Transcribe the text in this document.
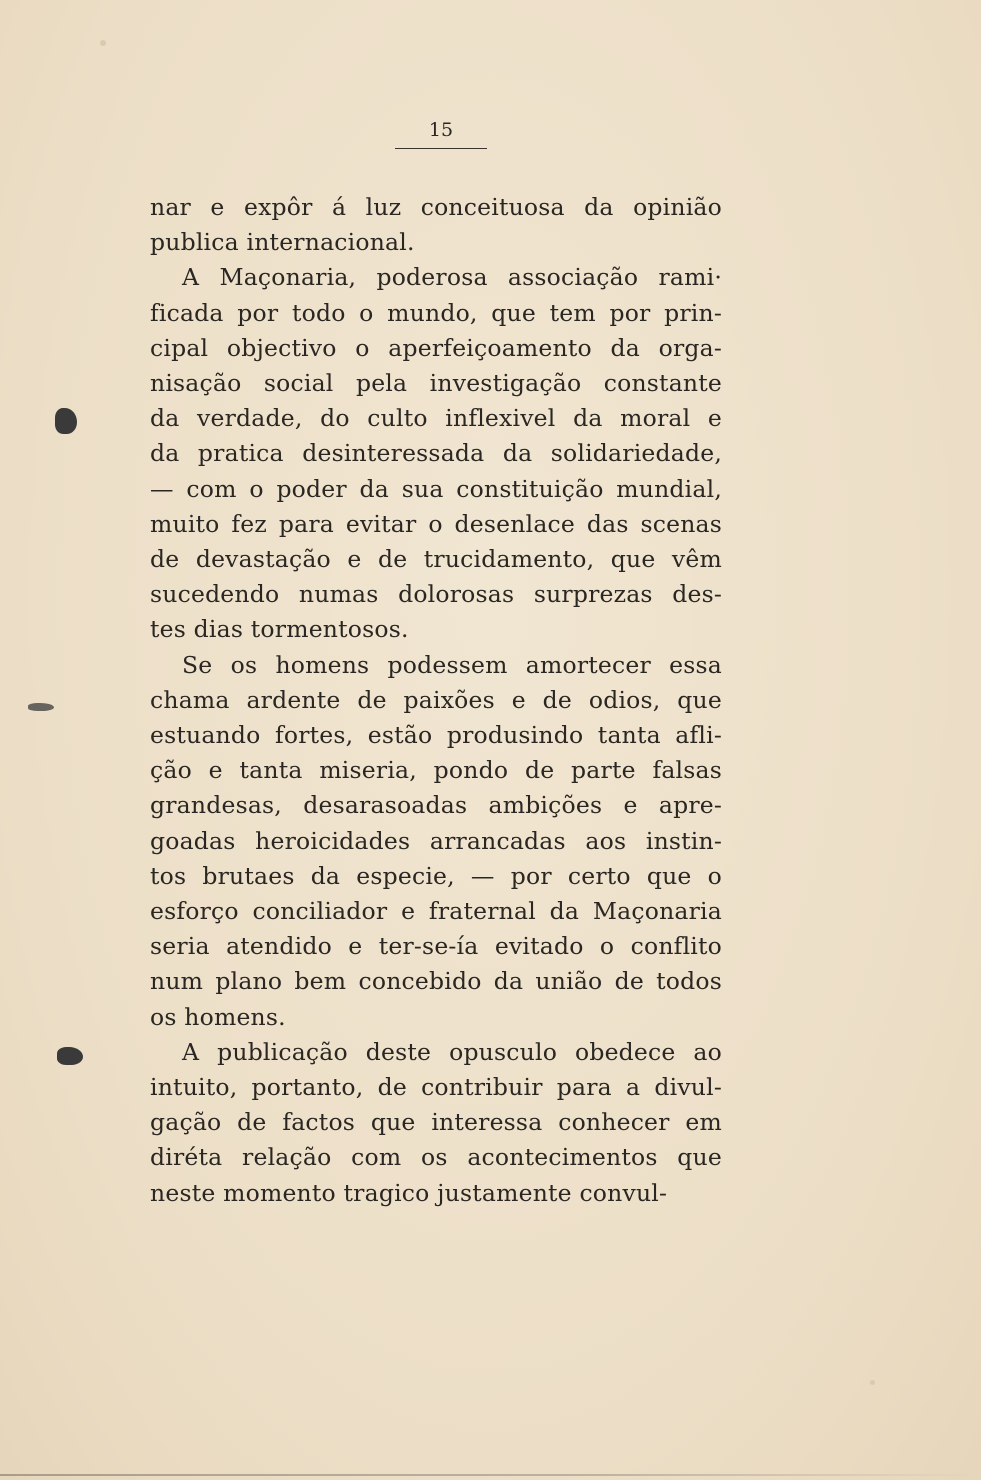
15

nar e expôr á luz conceituosa da opinião
publica internacional.

A Maçonaria, poderosa associação rami·
ficada por todo o mundo, que tem por prin-
cipal objectivo o aperfeiçoamento da orga-
nisação social pela investigação constante
da verdade, do culto inflexivel da moral e
da pratica desinteressada da solidariedade,
— com o poder da sua constituição mundial,
muito fez para evitar o desenlace das scenas
de devastação e de trucidamento, que vêm
sucedendo numas dolorosas surprezas des-
tes dias tormentosos.

Se os homens podessem amortecer essa
chama ardente de paixões e de odios, que
estuando fortes, estão produsindo tanta afli-
ção e tanta miseria, pondo de parte falsas
grandesas, desarasoadas ambições e apre-
goadas heroicidades arrancadas aos instin-
tos brutaes da especie, — por certo que o
esforço conciliador e fraternal da Maçonaria
seria atendido e ter-se-ía evitado o conflito
num plano bem concebido da união de todos
os homens.

A publicação deste opusculo obedece ao
intuito, portanto, de contribuir para a divul-
gação de factos que interessa conhecer em
diréta relação com os acontecimentos que
neste momento tragico justamente convul-
